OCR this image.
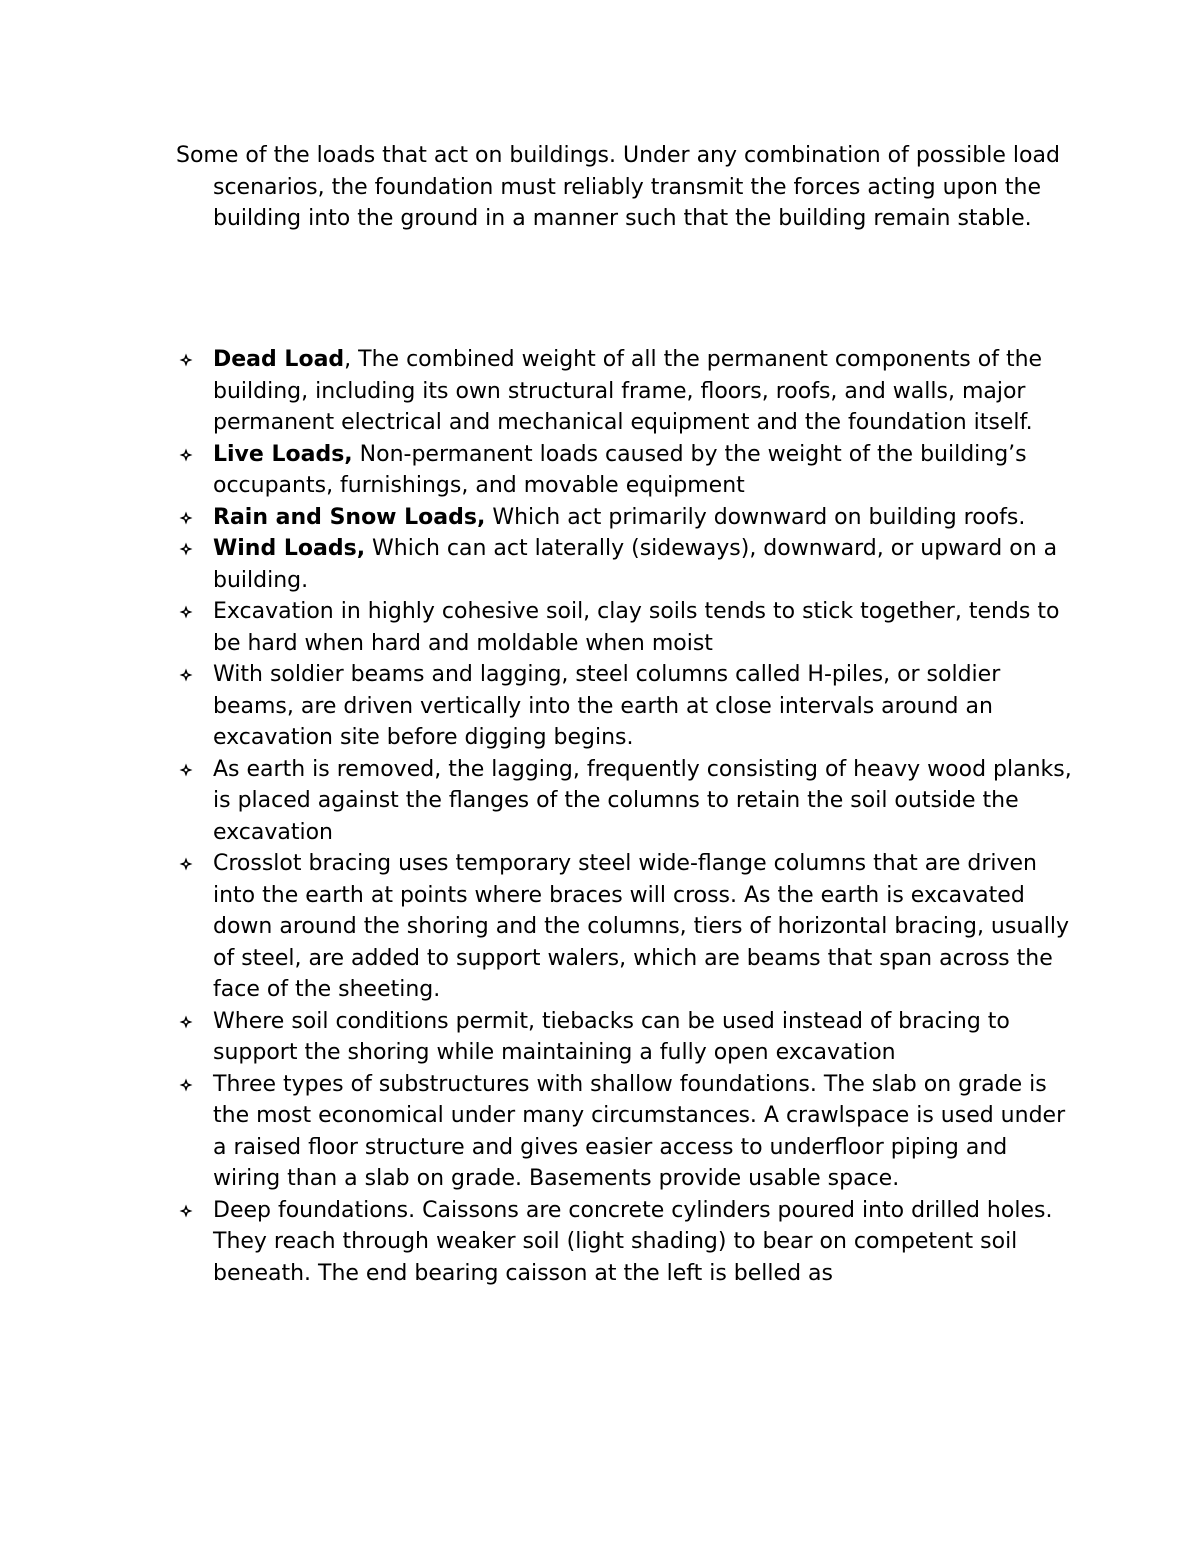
Some of the loads that act on buildings. Under any combination of possible load scenarios, the foundation must reliably transmit the forces acting upon the building into the ground in a manner such that the building remain stable.

Dead Load, The combined weight of all the permanent components of the building, including its own structural frame, floors, roofs, and walls, major permanent electrical and mechanical equipment and the foundation itself.
Live Loads, Non-permanent loads caused by the weight of the building’s occupants, furnishings, and movable equipment
Rain and Snow Loads, Which act primarily downward on building roofs.
Wind Loads, Which can act laterally (sideways), downward, or upward on a building.
Excavation in highly cohesive soil, clay soils tends to stick together, tends to be hard when hard and moldable when moist
With soldier beams and lagging, steel columns called H-piles, or soldier beams, are driven vertically into the earth at close intervals around an excavation site before digging begins.
As earth is removed, the lagging, frequently consisting of heavy wood planks, is placed against the flanges of the columns to retain the soil outside the excavation
Crosslot bracing uses temporary steel wide-flange columns that are driven into the earth at points where braces will cross. As the earth is excavated down around the shoring and the columns, tiers of horizontal bracing, usually of steel, are added to support walers, which are beams that span across the face of the sheeting.
Where soil conditions permit, tiebacks can be used instead of bracing to support the shoring while maintaining a fully open excavation
Three types of substructures with shallow foundations. The slab on grade is the most economical under many circumstances. A crawlspace is used under a raised floor structure and gives easier access to underfloor piping and wiring than a slab on grade. Basements provide usable space.
Deep foundations. Caissons are concrete cylinders poured into drilled holes. They reach through weaker soil (light shading) to bear on competent soil beneath. The end bearing caisson at the left is belled as
